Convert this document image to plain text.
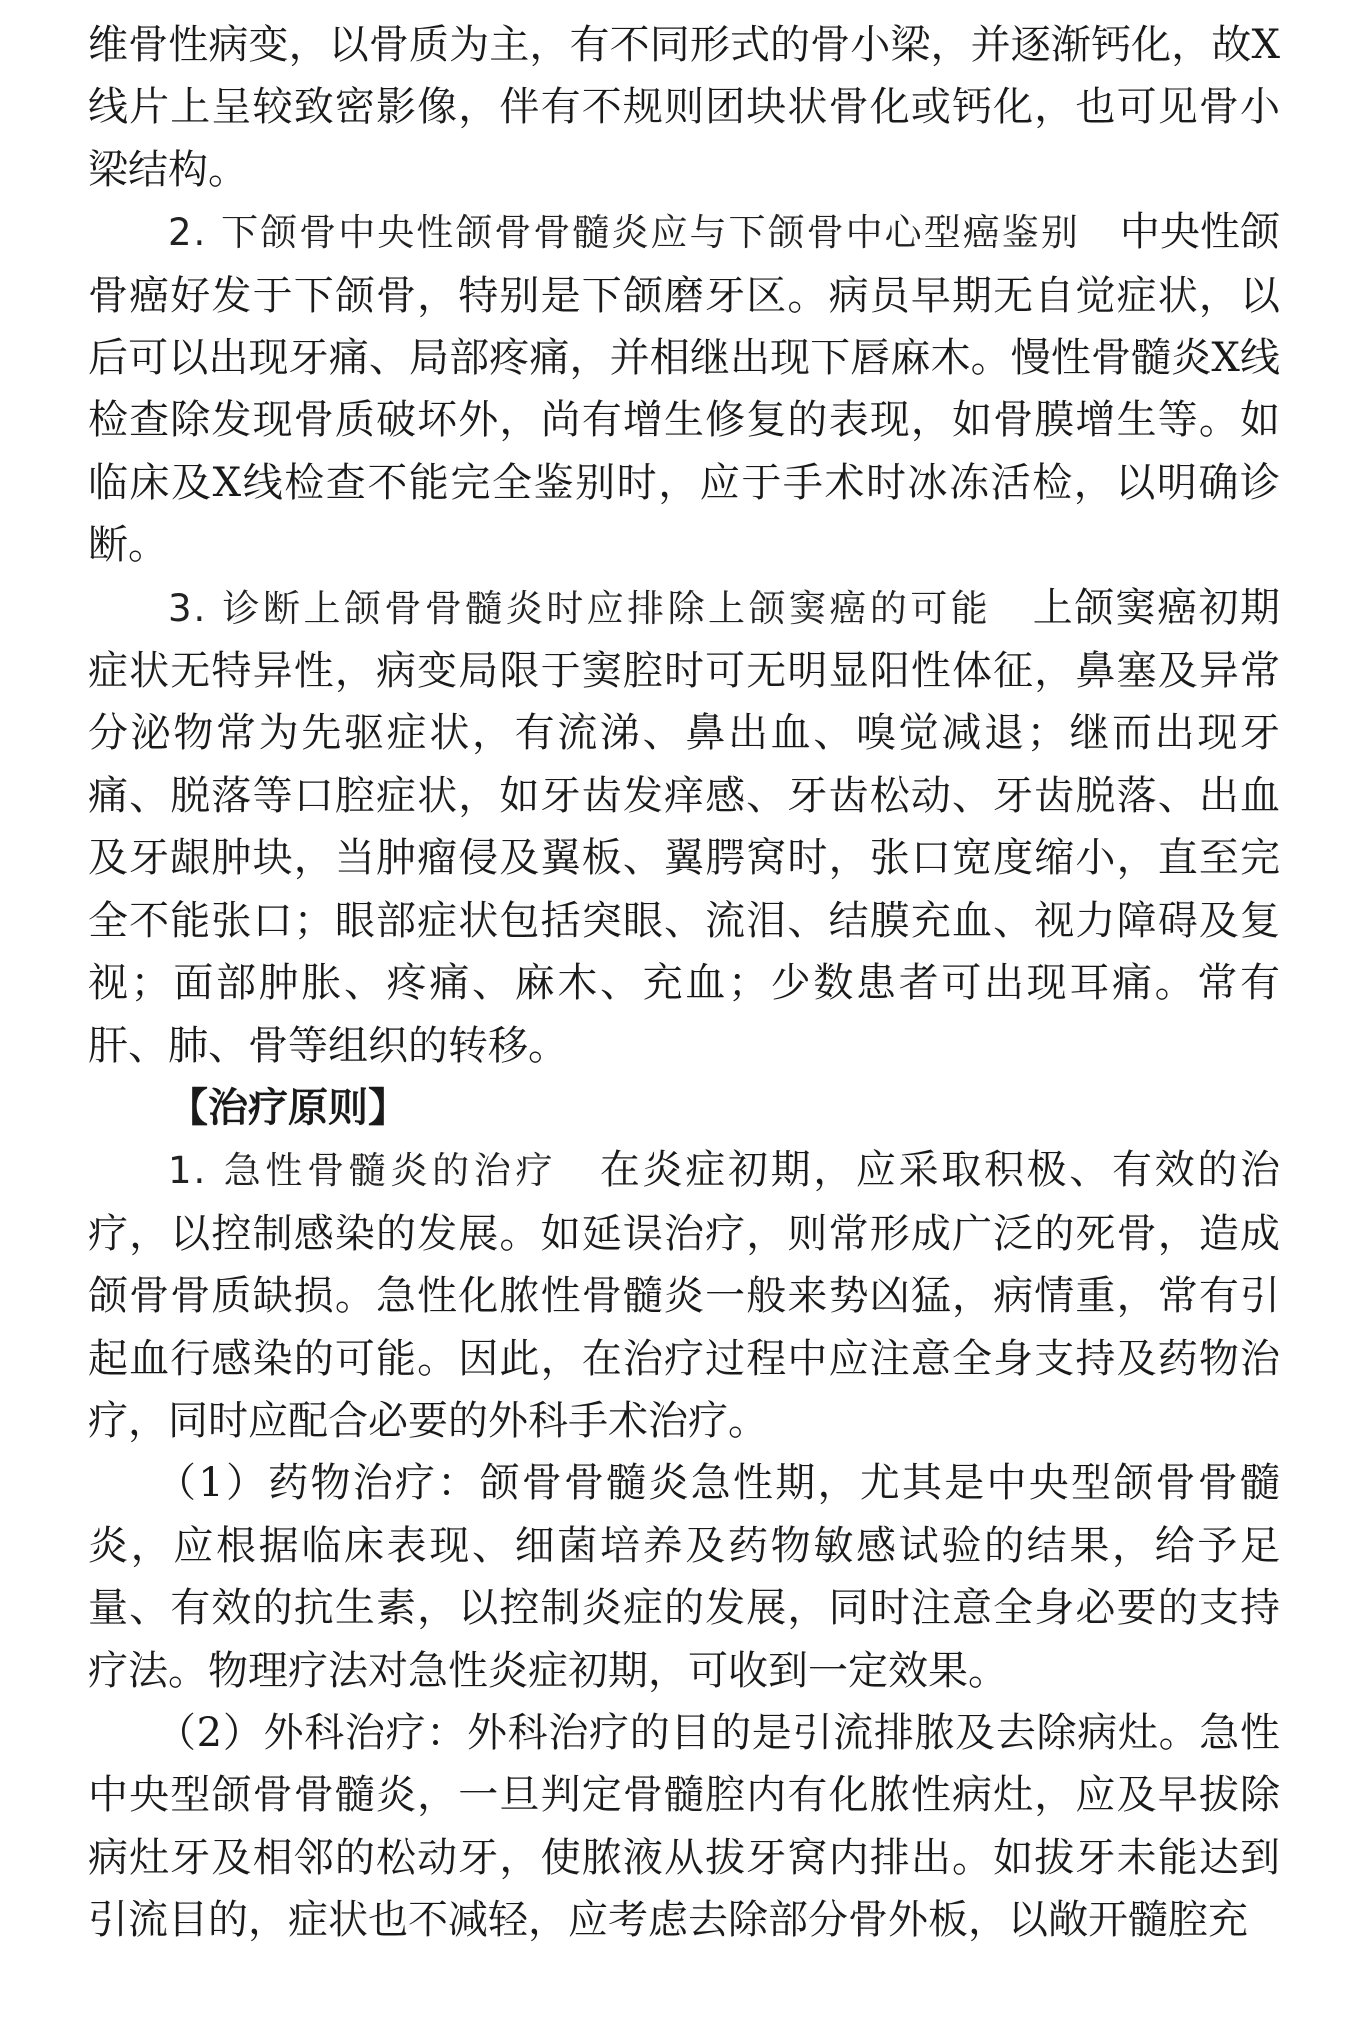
维骨性病变，以骨质为主，有不同形式的骨小梁，并逐渐钙化，故X线片上呈较致密影像，伴有不规则团块状骨化或钙化，也可见骨小梁结构。

2. 下颌骨中央性颌骨骨髓炎应与下颌骨中心型癌鉴别　 中央性颌骨癌好发于下颌骨，特别是下颌磨牙区。病员早期无自觉症状，以后可以出现牙痛、局部疼痛，并相继出现下唇麻木。慢性骨髓炎X线检查除发现骨质破坏外，尚有增生修复的表现，如骨膜增生等。如临床及X线检查不能完全鉴别时，应于手术时冰冻活检，以明确诊断。

3. 诊断上颌骨骨髓炎时应排除上颌窦癌的可能　 上颌窦癌初期症状无特异性，病变局限于窦腔时可无明显阳性体征，鼻塞及异常分泌物常为先驱症状，有流涕、鼻出血、嗅觉减退；继而出现牙痛、脱落等口腔症状，如牙齿发痒感、牙齿松动、牙齿脱落、出血及牙龈肿块，当肿瘤侵及翼板、翼腭窝时，张口宽度缩小，直至完全不能张口；眼部症状包括突眼、流泪、结膜充血、视力障碍及复视；面部肿胀、疼痛、麻木、充血；少数患者可出现耳痛。常有肝、肺、骨等组织的转移。

【治疗原则】

1. 急性骨髓炎的治疗　 在炎症初期，应采取积极、有效的治疗，以控制感染的发展。如延误治疗，则常形成广泛的死骨，造成颌骨骨质缺损。急性化脓性骨髓炎一般来势凶猛，病情重，常有引起血行感染的可能。因此，在治疗过程中应注意全身支持及药物治疗，同时应配合必要的外科手术治疗。

（1）药物治疗：颌骨骨髓炎急性期，尤其是中央型颌骨骨髓炎，应根据临床表现、细菌培养及药物敏感试验的结果，给予足量、有效的抗生素，以控制炎症的发展，同时注意全身必要的支持疗法。物理疗法对急性炎症初期，可收到一定效果。

（2）外科治疗：外科治疗的目的是引流排脓及去除病灶。急性中央型颌骨骨髓炎，一旦判定骨髓腔内有化脓性病灶，应及早拔除病灶牙及相邻的松动牙，使脓液从拔牙窝内排出。如拔牙未能达到引流目的，症状也不减轻，应考虑去除部分骨外板，以敞开髓腔充
